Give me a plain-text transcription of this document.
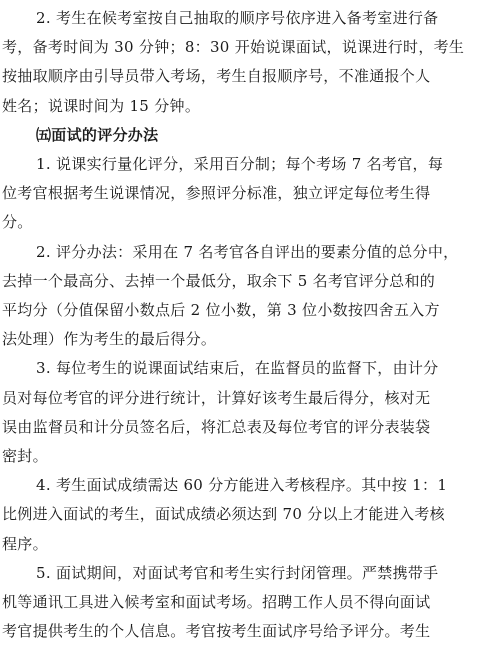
2. 考生在候考室按自己抽取的顺序号依序进入备考室进行备
考，备考时间为 30 分钟；8：30 开始说课面试，说课进行时，考生
按抽取顺序由引导员带入考场，考生自报顺序号，不准通报个人
姓名；说课时间为 15 分钟。
㈤面试的评分办法
1. 说课实行量化评分，采用百分制；每个考场 7 名考官，每
位考官根据考生说课情况，参照评分标准，独立评定每位考生得
分。
2. 评分办法：采用在 7 名考官各自评出的要素分值的总分中，
去掉一个最高分、去掉一个最低分，取余下 5 名考官评分总和的
平均分（分值保留小数点后 2 位小数，第 3 位小数按四舍五入方
法处理）作为考生的最后得分。
3. 每位考生的说课面试结束后，在监督员的监督下，由计分
员对每位考官的评分进行统计，计算好该考生最后得分，核对无
误由监督员和计分员签名后，将汇总表及每位考官的评分表装袋
密封。
4. 考生面试成绩需达 60 分方能进入考核程序。其中按 1：1
比例进入面试的考生，面试成绩必须达到 70 分以上才能进入考核
程序。
5. 面试期间，对面试考官和考生实行封闭管理。严禁携带手
机等通讯工具进入候考室和面试考场。招聘工作人员不得向面试
考官提供考生的个人信息。考官按考生面试序号给予评分。考生
